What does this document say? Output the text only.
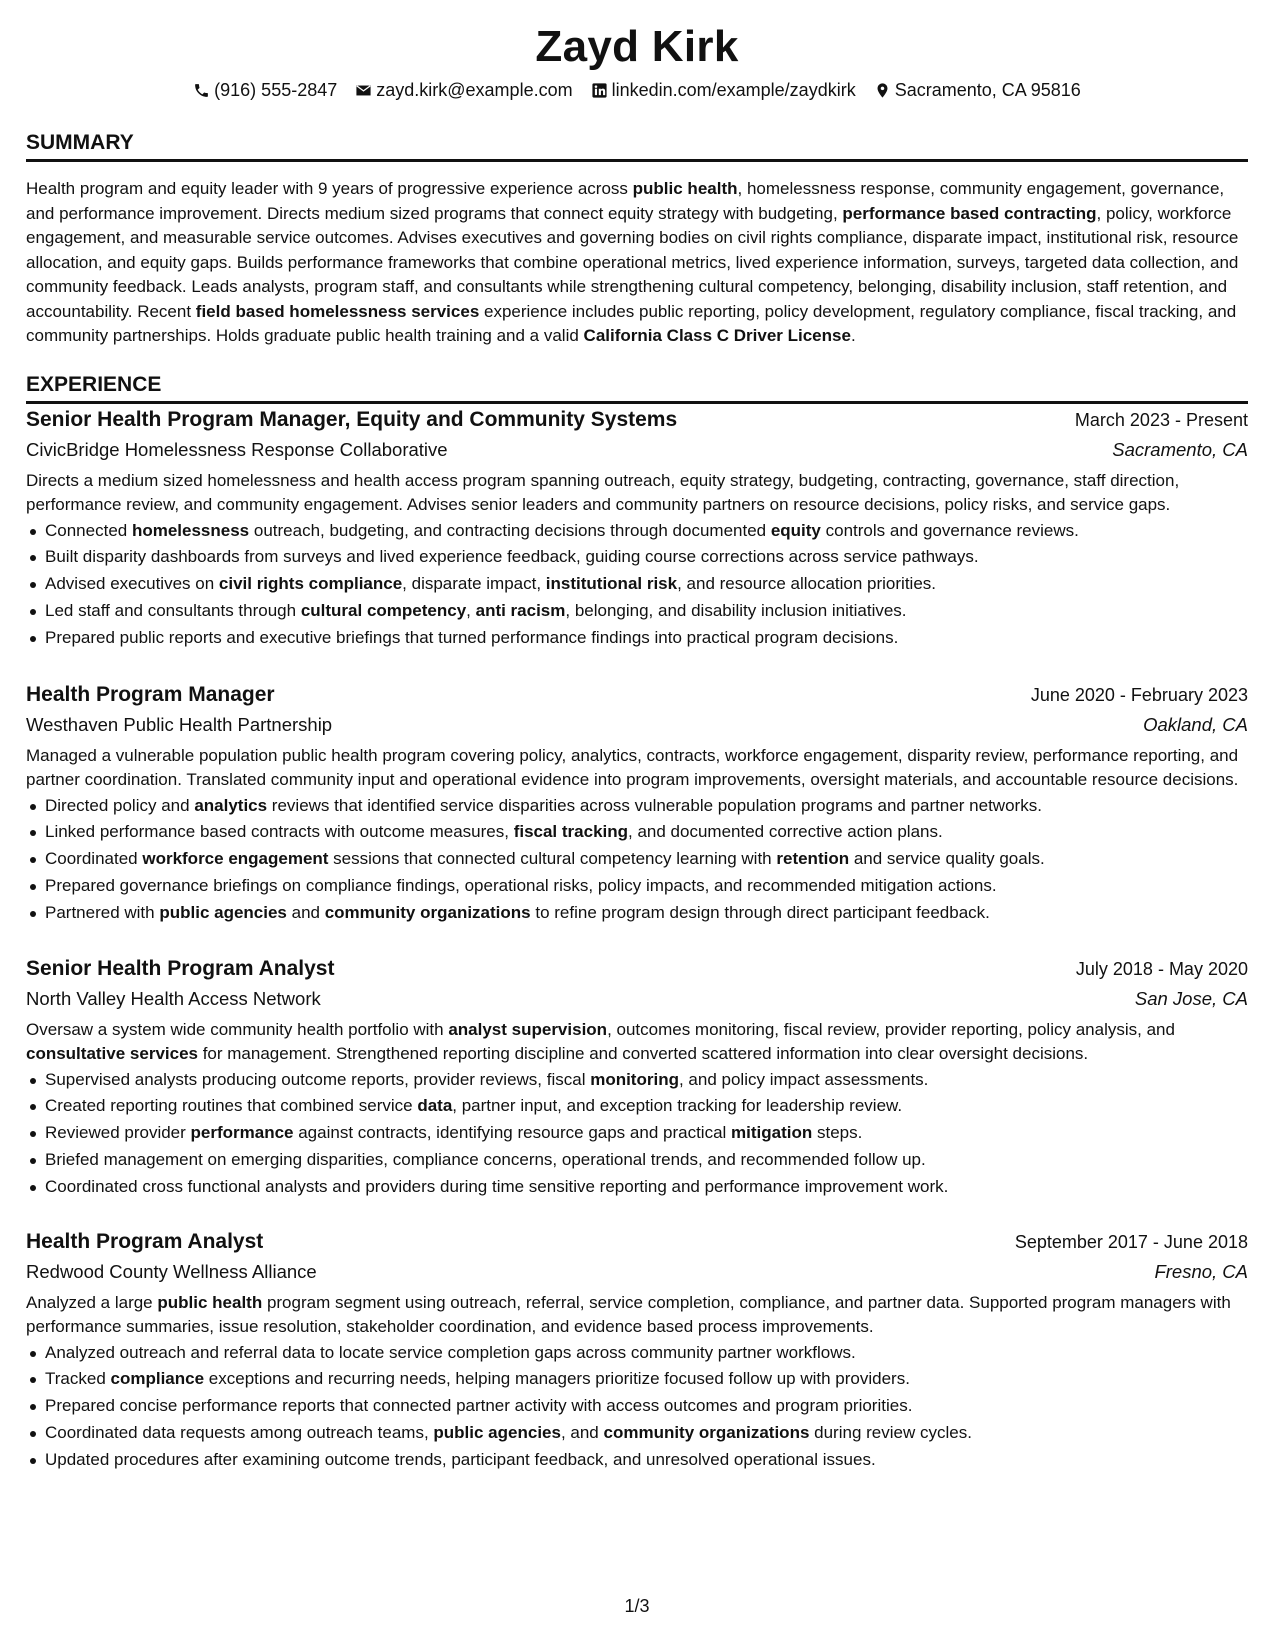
Zayd Kirk
(916) 555-2847 zayd.kirk@example.com linkedin.com/example/zaydkirk Sacramento, CA 95816
SUMMARY
Health program and equity leader with 9 years of progressive experience across public health, homelessness response, community engagement, governance, and performance improvement. Directs medium sized programs that connect equity strategy with budgeting, performance based contracting, policy, workforce engagement, and measurable service outcomes. Advises executives and governing bodies on civil rights compliance, disparate impact, institutional risk, resource allocation, and equity gaps. Builds performance frameworks that combine operational metrics, lived experience information, surveys, targeted data collection, and community feedback. Leads analysts, program staff, and consultants while strengthening cultural competency, belonging, disability inclusion, staff retention, and accountability. Recent field based homelessness services experience includes public reporting, policy development, regulatory compliance, fiscal tracking, and community partnerships. Holds graduate public health training and a valid California Class C Driver License.
EXPERIENCE
Senior Health Program Manager, Equity and Community Systems	March 2023 - Present
CivicBridge Homelessness Response Collaborative	Sacramento, CA
Directs a medium sized homelessness and health access program spanning outreach, equity strategy, budgeting, contracting, governance, staff direction, performance review, and community engagement. Advises senior leaders and community partners on resource decisions, policy risks, and service gaps.
Connected homelessness outreach, budgeting, and contracting decisions through documented equity controls and governance reviews.
Built disparity dashboards from surveys and lived experience feedback, guiding course corrections across service pathways.
Advised executives on civil rights compliance, disparate impact, institutional risk, and resource allocation priorities.
Led staff and consultants through cultural competency, anti racism, belonging, and disability inclusion initiatives.
Prepared public reports and executive briefings that turned performance findings into practical program decisions.
Health Program Manager	June 2020 - February 2023
Westhaven Public Health Partnership	Oakland, CA
Managed a vulnerable population public health program covering policy, analytics, contracts, workforce engagement, disparity review, performance reporting, and partner coordination. Translated community input and operational evidence into program improvements, oversight materials, and accountable resource decisions.
Directed policy and analytics reviews that identified service disparities across vulnerable population programs and partner networks.
Linked performance based contracts with outcome measures, fiscal tracking, and documented corrective action plans.
Coordinated workforce engagement sessions that connected cultural competency learning with retention and service quality goals.
Prepared governance briefings on compliance findings, operational risks, policy impacts, and recommended mitigation actions.
Partnered with public agencies and community organizations to refine program design through direct participant feedback.
Senior Health Program Analyst	July 2018 - May 2020
North Valley Health Access Network	San Jose, CA
Oversaw a system wide community health portfolio with analyst supervision, outcomes monitoring, fiscal review, provider reporting, policy analysis, and consultative services for management. Strengthened reporting discipline and converted scattered information into clear oversight decisions.
Supervised analysts producing outcome reports, provider reviews, fiscal monitoring, and policy impact assessments.
Created reporting routines that combined service data, partner input, and exception tracking for leadership review.
Reviewed provider performance against contracts, identifying resource gaps and practical mitigation steps.
Briefed management on emerging disparities, compliance concerns, operational trends, and recommended follow up.
Coordinated cross functional analysts and providers during time sensitive reporting and performance improvement work.
Health Program Analyst	September 2017 - June 2018
Redwood County Wellness Alliance	Fresno, CA
Analyzed a large public health program segment using outreach, referral, service completion, compliance, and partner data. Supported program managers with performance summaries, issue resolution, stakeholder coordination, and evidence based process improvements.
Analyzed outreach and referral data to locate service completion gaps across community partner workflows.
Tracked compliance exceptions and recurring needs, helping managers prioritize focused follow up with providers.
Prepared concise performance reports that connected partner activity with access outcomes and program priorities.
Coordinated data requests among outreach teams, public agencies, and community organizations during review cycles.
Updated procedures after examining outcome trends, participant feedback, and unresolved operational issues.
1/3
